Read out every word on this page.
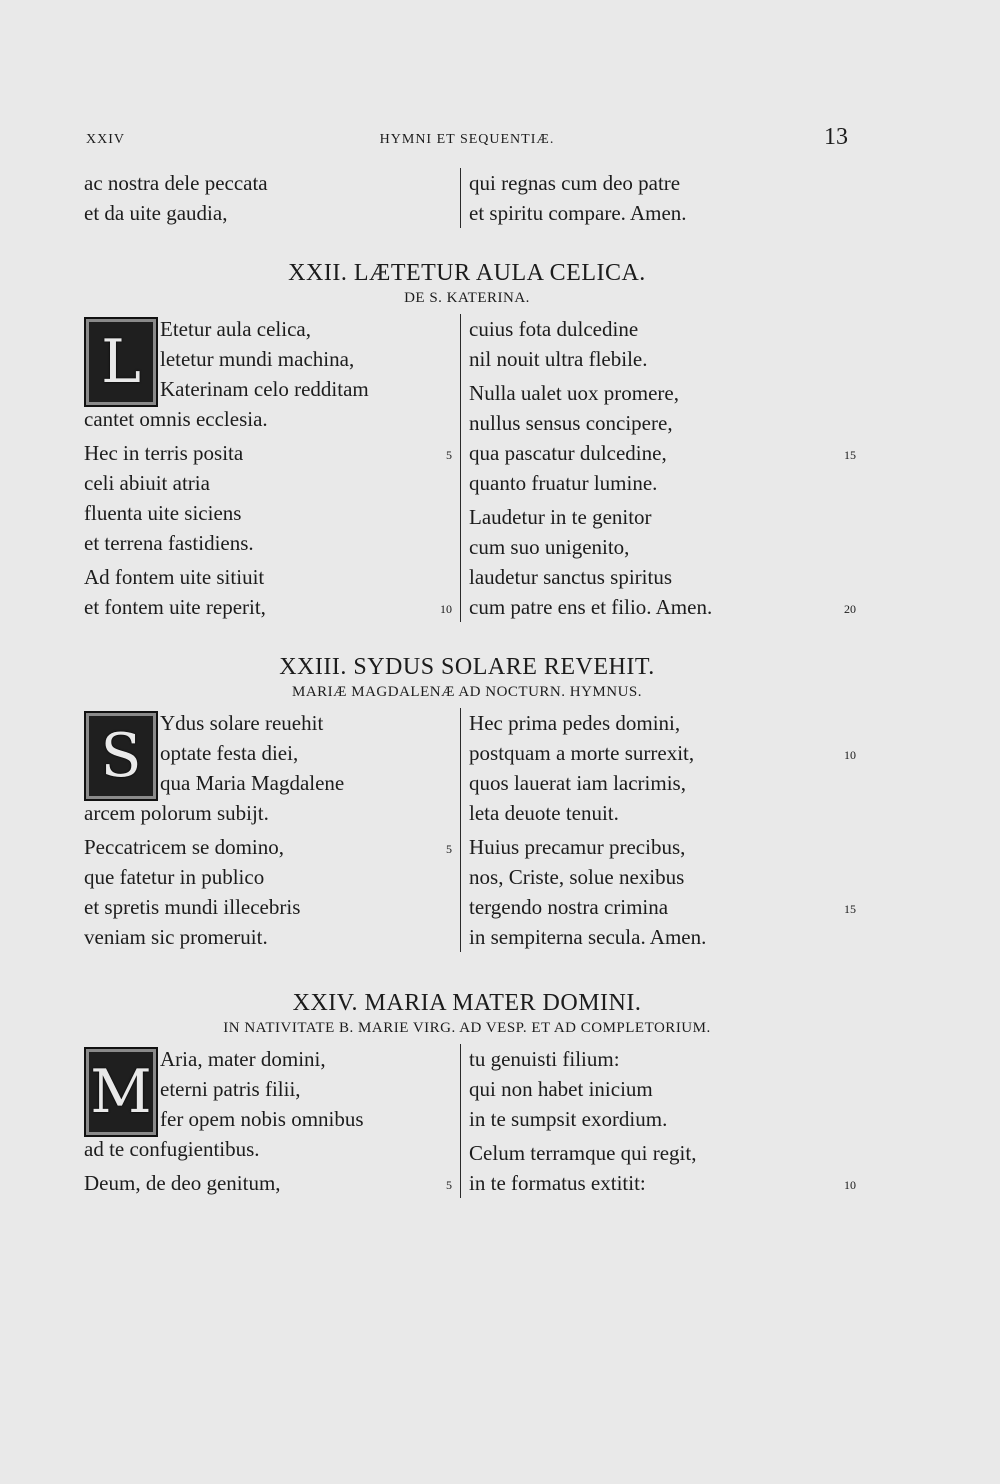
XXIV	HYMNI ET SEQUENTIÆ.	13
ac nostra dele peccata
et da uite gaudia,
qui regnas cum deo patre
et spiritu compare. Amen.
XXII. LÆTETUR AULA CELICA.
DE S. KATERINA.
L Etetur aula celica,
letetur mundi machina,
Katerinam celo redditam
cantet omnis ecclesia.
Hec in terris posita	5
celi abiuit atria
fluenta uite siciens
et terrena fastidiens.
Ad fontem uite sitiuit
et fontem uite reperit,	10
cuius fota dulcedine
nil nouit ultra flebile.
Nulla ualet uox promere,
nullus sensus concipere,
qua pascatur dulcedine,	15
quanto fruatur lumine.
Laudetur in te genitor
cum suo unigenito,
laudetur sanctus spiritus
cum patre ens et filio. Amen.	20
XXIII. SYDUS SOLARE REVEHIT.
MARIÆ MAGDALENÆ AD NOCTURN. HYMNUS.
S Ydus solare reuehit
optate festa diei,
qua Maria Magdalene
arcem polorum subijt.
Peccatricem se domino,	5
que fatetur in publico
et spretis mundi illecebris
veniam sic promeruit.
Hec prima pedes domini,
postquam a morte surrexit,	10
quos lauerat iam lacrimis,
leta deuote tenuit.
Huius precamur precibus,
nos, Criste, solue nexibus
tergendo nostra crimina	15
in sempiterna secula. Amen.
XXIV. MARIA MATER DOMINI.
IN NATIVITATE B. MARIE VIRG. AD VESP. ET AD COMPLETORIUM.
M Aria, mater domini,
eterni patris filii,
fer opem nobis omnibus
ad te confugientibus.
Deum, de deo genitum,	5
tu genuisti filium:
qui non habet inicium
in te sumpsit exordium.
Celum terramque qui regit,
in te formatus extitit:	10
